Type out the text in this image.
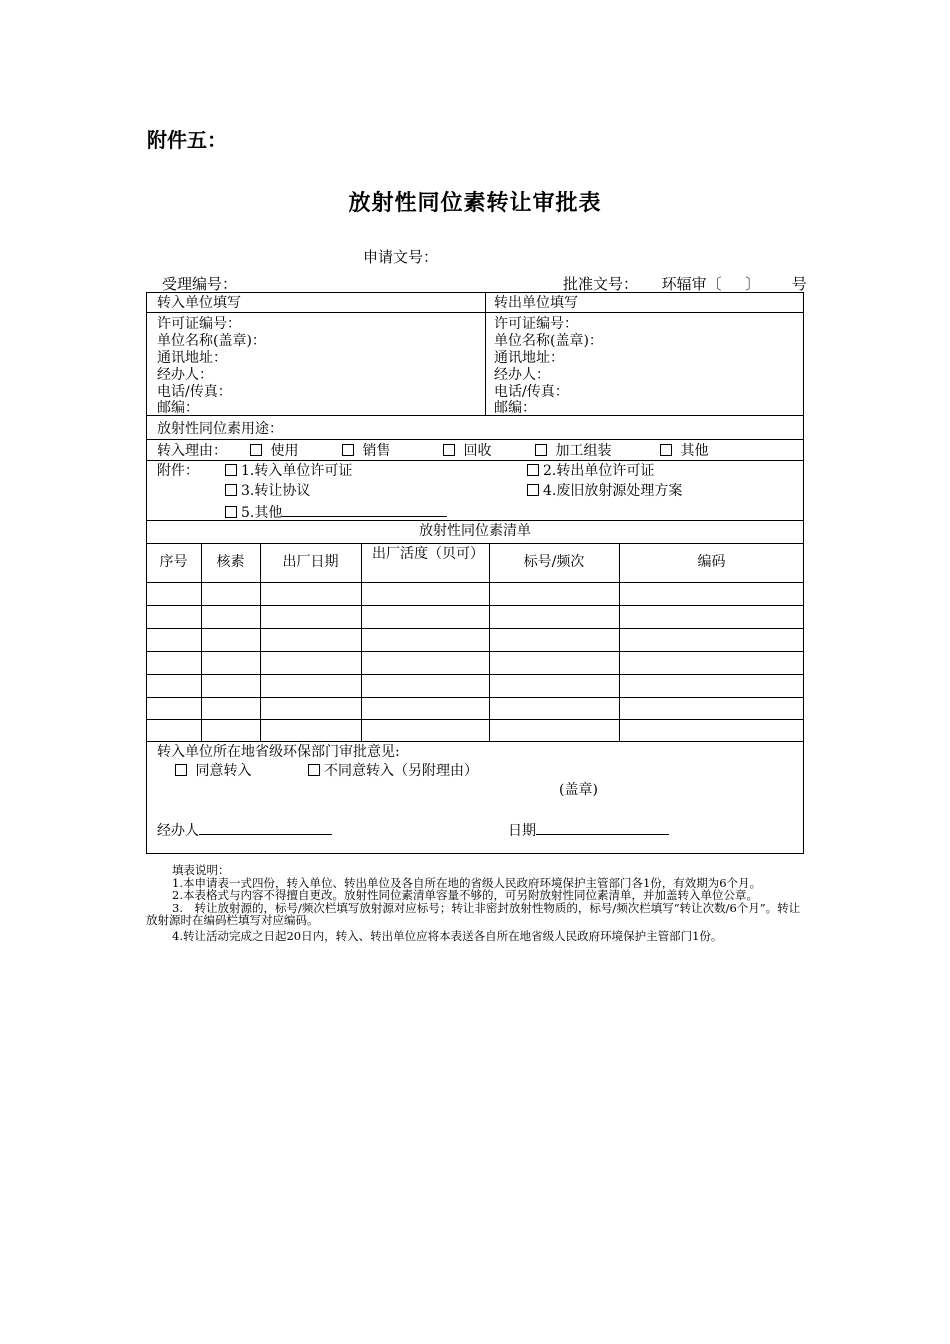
附件五：
放射性同位素转让审批表
申请文号：
受理编号：	批准文号： 环辐审〔 〕 号
转入单位填写
许可证编号：
单位名称(盖章)：
通讯地址：
经办人：
电话/传真：
邮编：
转出单位填写
许可证编号：
单位名称(盖章)：
通讯地址：
经办人：
电话/传真：
邮编：
放射性同位素用途：
转入理由：	使用	销售	回收	加工组装	其他
附件：	1.转入单位许可证	2.转出单位许可证
3.转让协议	4.废旧放射源处理方案
5.其他
放射性同位素清单
序号	核素	出厂日期	出厂活度（贝可）	标号/频次	编码
转入单位所在地省级环保部门审批意见:
同意转入	不同意转入（另附理由）
(盖章)
经办人	日期

填表说明：

1.本申请表一式四份，转入单位、转出单位及各自所在地的省级人民政府环境保护主管部门各1份，有效期为6个月。

2.本表格式与内容不得擅自更改。放射性同位素清单容量不够的，可另附放射性同位素清单，并加盖转入单位公章。

3.　转让放射源的，标号/频次栏填写放射源对应标号；转让非密封放射性物质的，标号/频次栏填写“转让次数/6个月”。转让放射源时在编码栏填写对应编码。

4.转让活动完成之日起20日内，转入、转出单位应将本表送各自所在地省级人民政府环境保护主管部门1份。
